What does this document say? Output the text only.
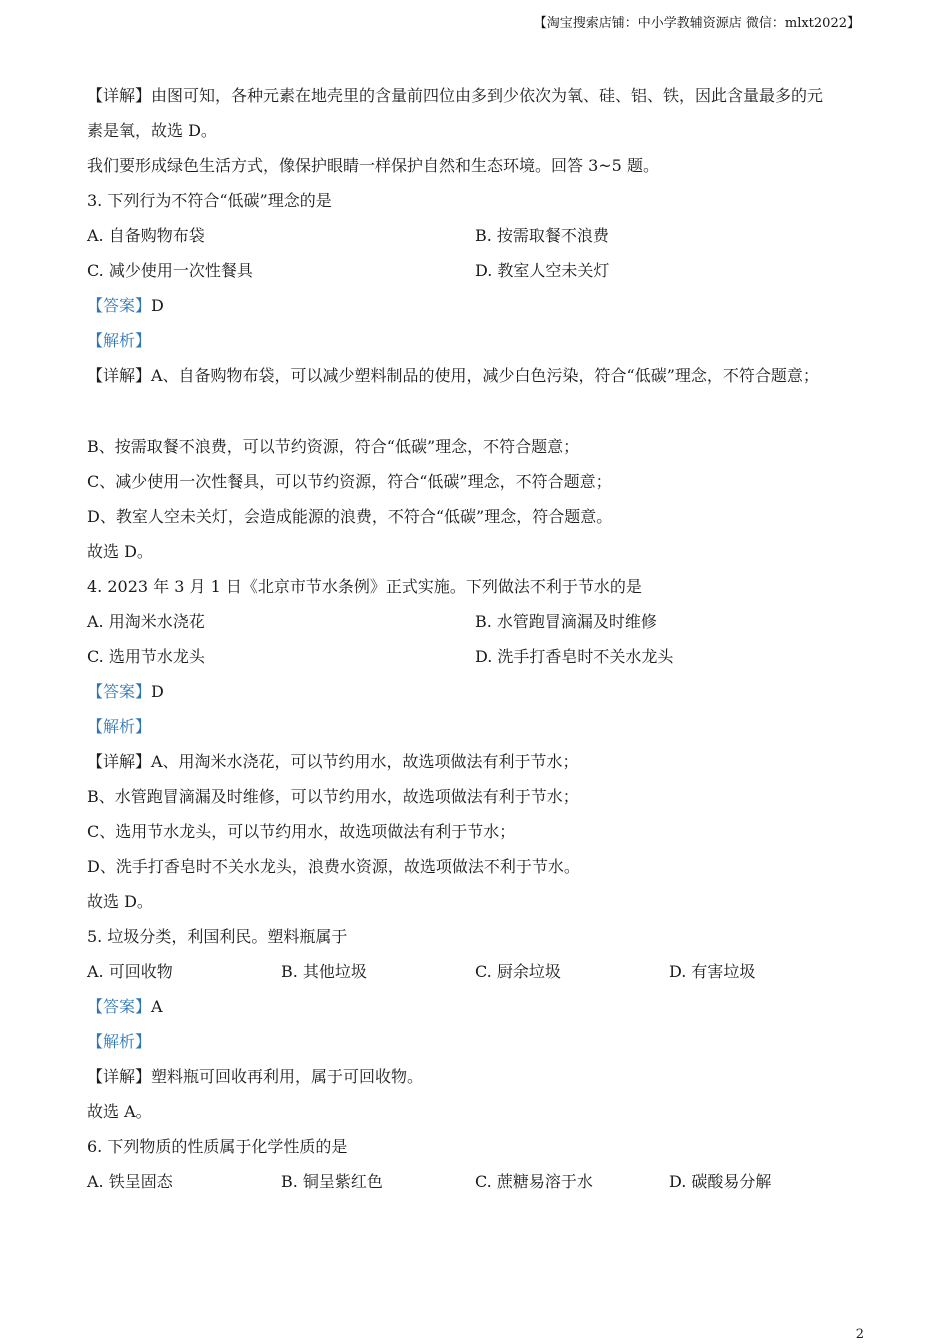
【淘宝搜索店铺：中小学教辅资源店 微信：mlxt2022】
【详解】由图可知，各种元素在地壳里的含量前四位由多到少依次为氧、硅、铝、铁，因此含量最多的元
素是氧，故选 D。
我们要形成绿色生活方式，像保护眼睛一样保护自然和生态环境。回答 3~5 题。
3. 下列行为不符合“低碳”理念的是
A. 自备购物布袋	B. 按需取餐不浪费
C. 减少使用一次性餐具	D. 教室人空未关灯
【答案】D
【解析】
【详解】A、自备购物布袋，可以减少塑料制品的使用，减少白色污染，符合“低碳”理念，不符合题意；
B、按需取餐不浪费，可以节约资源，符合“低碳”理念，不符合题意；
C、减少使用一次性餐具，可以节约资源，符合“低碳”理念，不符合题意；
D、教室人空未关灯，会造成能源的浪费，不符合“低碳”理念，符合题意。
故选 D。
4. 2023 年 3 月 1 日《北京市节水条例》正式实施。下列做法不利于节水的是
A. 用淘米水浇花	B. 水管跑冒滴漏及时维修
C. 选用节水龙头	D. 洗手打香皂时不关水龙头
【答案】D
【解析】
【详解】A、用淘米水浇花，可以节约用水，故选项做法有利于节水；
B、水管跑冒滴漏及时维修，可以节约用水，故选项做法有利于节水；
C、选用节水龙头，可以节约用水，故选项做法有利于节水；
D、洗手打香皂时不关水龙头，浪费水资源，故选项做法不利于节水。
故选 D。
5. 垃圾分类，利国利民。塑料瓶属于
A. 可回收物	B. 其他垃圾	C. 厨余垃圾	D. 有害垃圾
【答案】A
【解析】
【详解】塑料瓶可回收再利用，属于可回收物。
故选 A。
6. 下列物质的性质属于化学性质的是
A. 铁呈固态	B. 铜呈紫红色	C. 蔗糖易溶于水	D. 碳酸易分解
2
